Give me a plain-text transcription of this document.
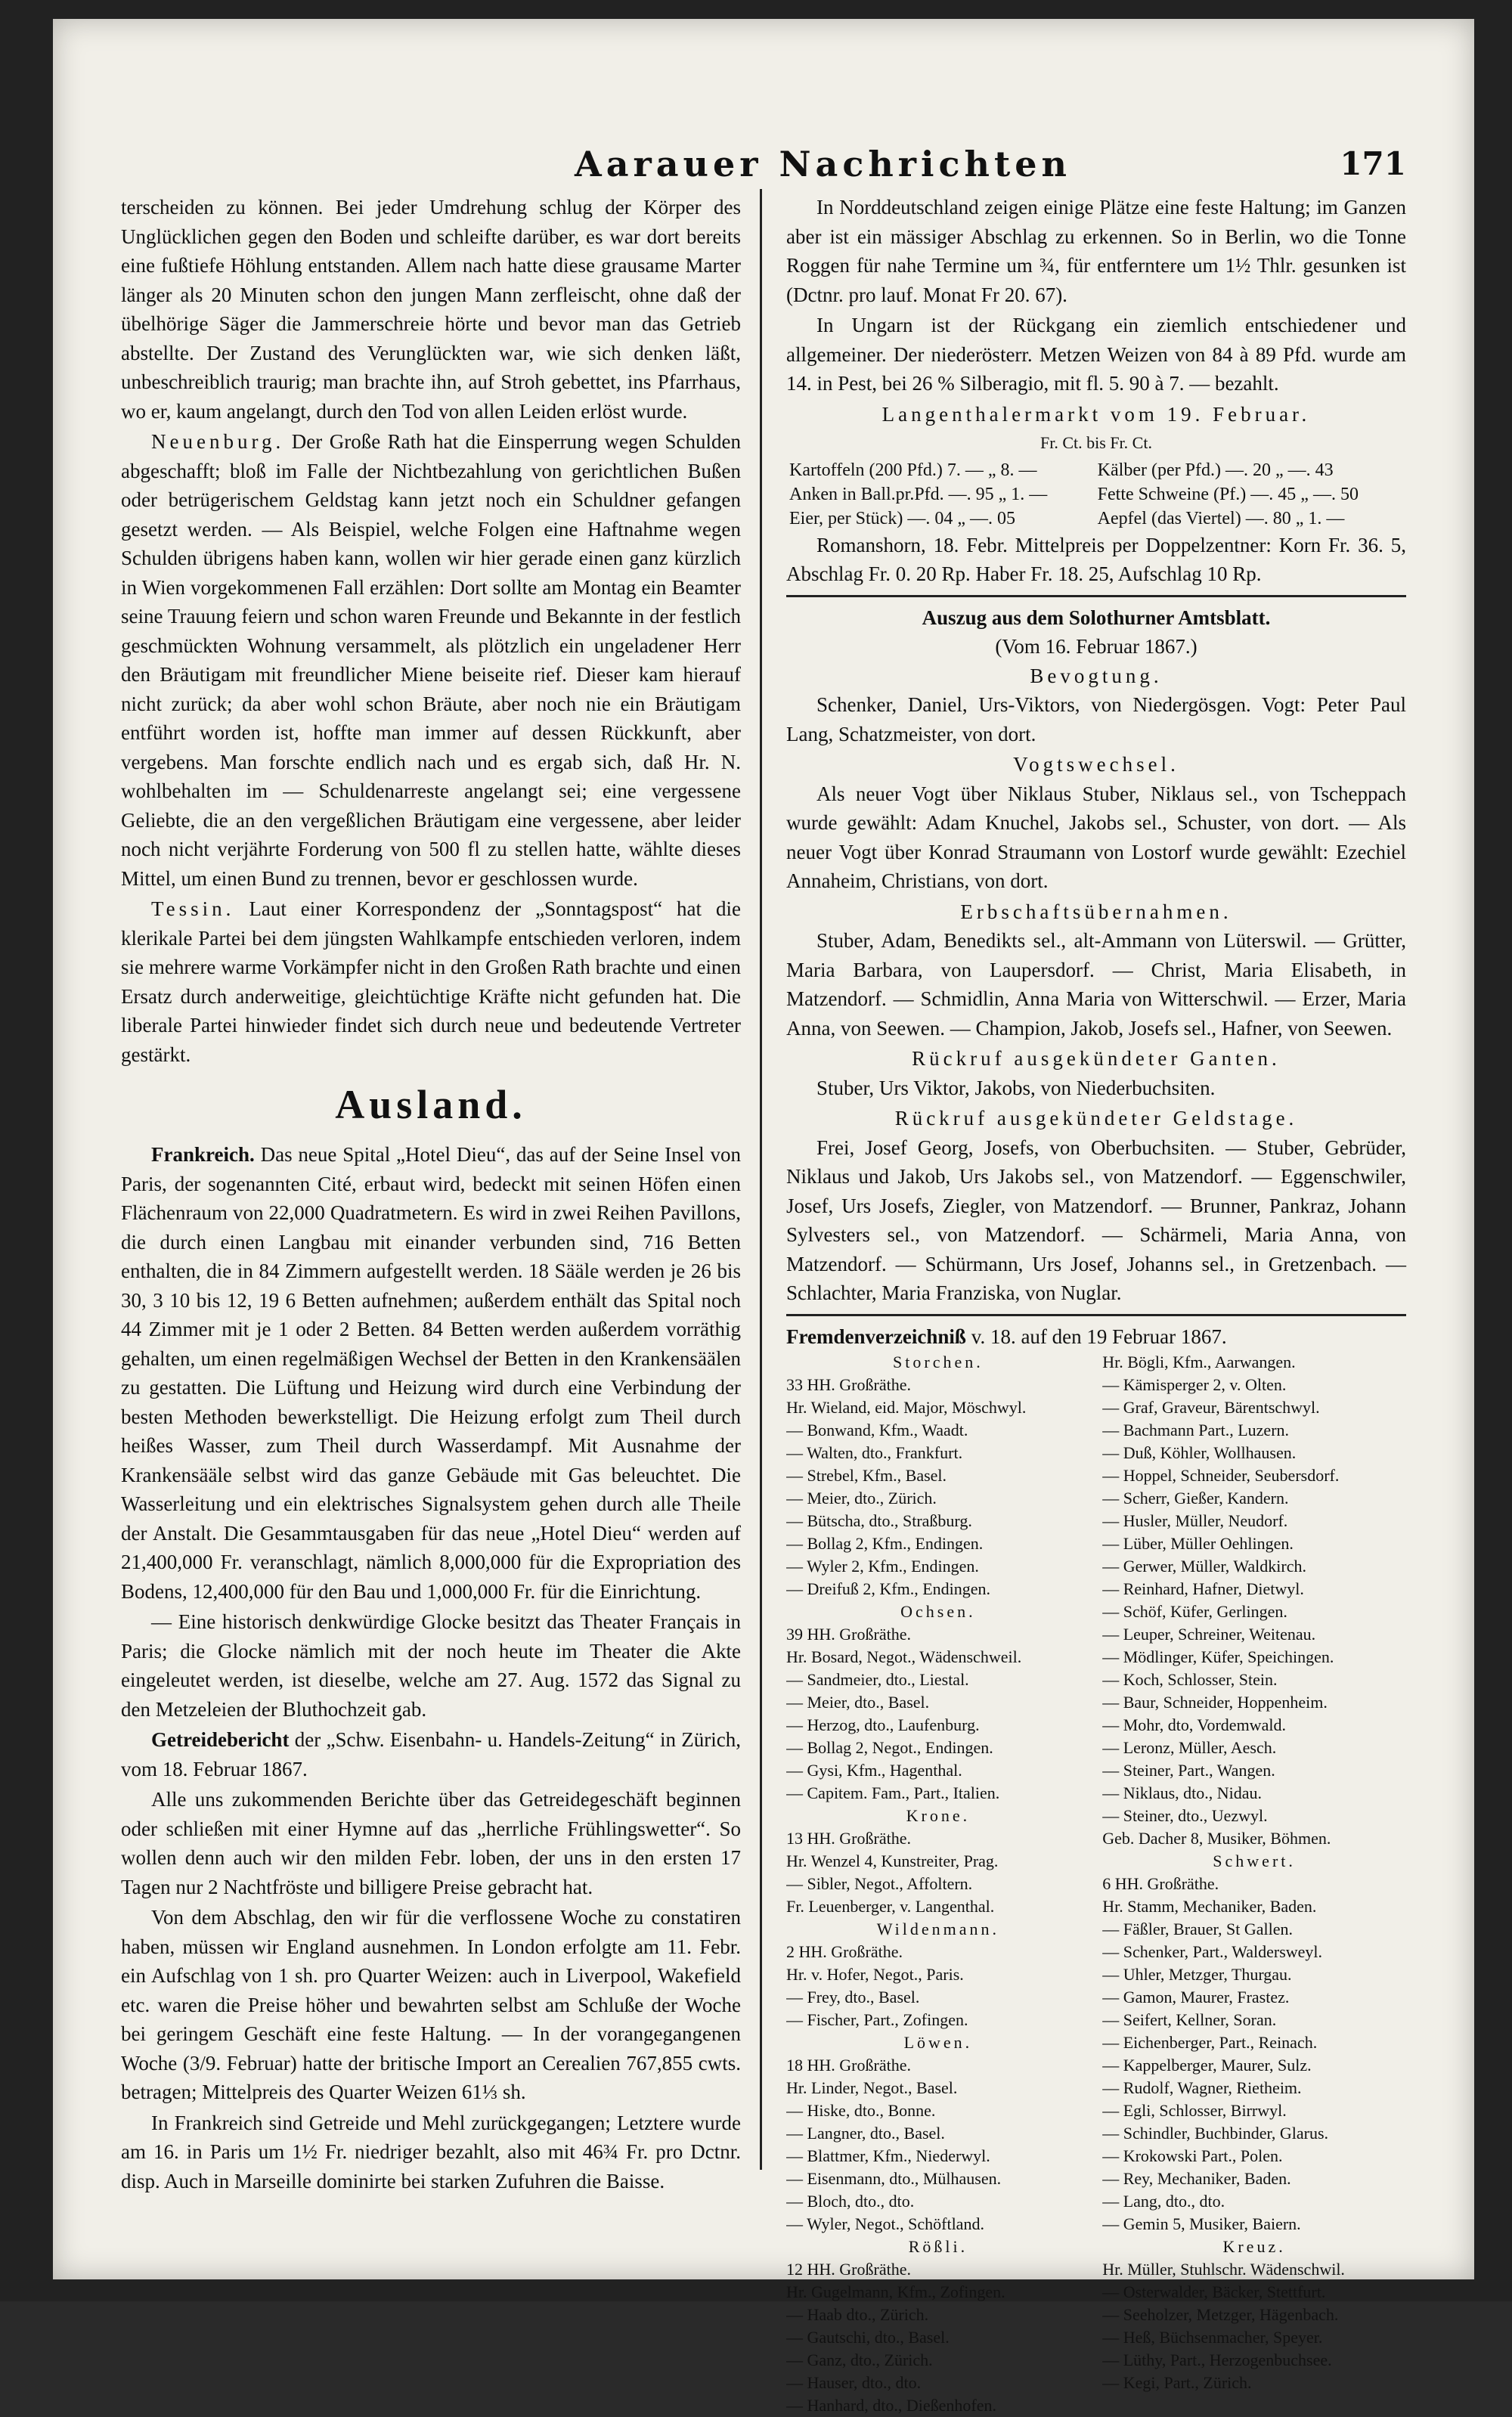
Aarauer Nachrichten	171

terscheiden zu können. Bei jeder Umdrehung schlug der Körper des Unglücklichen gegen den Boden und schleifte darüber, es war dort bereits eine fußtiefe Höhlung entstanden. Allem nach hatte diese grausame Marter länger als 20 Minuten schon den jungen Mann zerfleischt, ohne daß der übelhörige Säger die Jammerschreie hörte und bevor man das Getrieb abstellte. Der Zustand des Verunglückten war, wie sich denken läßt, unbeschreiblich traurig; man brachte ihn, auf Stroh gebettet, ins Pfarrhaus, wo er, kaum angelangt, durch den Tod von allen Leiden erlöst wurde.

Neuenburg. Der Große Rath hat die Einsperrung wegen Schulden abgeschafft; bloß im Falle der Nichtbezahlung von gerichtlichen Bußen oder betrügerischem Geldstag kann jetzt noch ein Schuldner gefangen gesetzt werden. — Als Beispiel, welche Folgen eine Haftnahme wegen Schulden übrigens haben kann, wollen wir hier gerade einen ganz kürzlich in Wien vorgekommenen Fall erzählen: Dort sollte am Montag ein Beamter seine Trauung feiern und schon waren Freunde und Bekannte in der festlich geschmückten Wohnung versammelt, als plötzlich ein ungeladener Herr den Bräutigam mit freundlicher Miene beiseite rief. Dieser kam hierauf nicht zurück; da aber wohl schon Bräute, aber noch nie ein Bräutigam entführt worden ist, hoffte man immer auf dessen Rückkunft, aber vergebens. Man forschte endlich nach und es ergab sich, daß Hr. N. wohlbehalten im — Schuldenarreste angelangt sei; eine vergessene Geliebte, die an den vergeßlichen Bräutigam eine vergessene, aber leider noch nicht verjährte Forderung von 500 fl zu stellen hatte, wählte dieses Mittel, um einen Bund zu trennen, bevor er geschlossen wurde.

Tessin. Laut einer Korrespondenz der „Sonntagspost“ hat die klerikale Partei bei dem jüngsten Wahlkampfe entschieden verloren, indem sie mehrere warme Vorkämpfer nicht in den Großen Rath brachte und einen Ersatz durch anderweitige, gleichtüchtige Kräfte nicht gefunden hat. Die liberale Partei hinwieder findet sich durch neue und bedeutende Vertreter gestärkt.

Ausland.

Frankreich. Das neue Spital „Hotel Dieu“, das auf der Seine Insel von Paris, der sogenannten Cité, erbaut wird, bedeckt mit seinen Höfen einen Flächenraum von 22,000 Quadratmetern. Es wird in zwei Reihen Pavillons, die durch einen Langbau mit einander verbunden sind, 716 Betten enthalten, die in 84 Zimmern aufgestellt werden. 18 Sääle werden je 26 bis 30, 3 10 bis 12, 19 6 Betten aufnehmen; außerdem enthält das Spital noch 44 Zimmer mit je 1 oder 2 Betten. 84 Betten werden außerdem vorräthig gehalten, um einen regelmäßigen Wechsel der Betten in den Krankensäälen zu gestatten. Die Lüftung und Heizung wird durch eine Verbindung der besten Methoden bewerkstelligt. Die Heizung erfolgt zum Theil durch heißes Wasser, zum Theil durch Wasserdampf. Mit Ausnahme der Krankensääle selbst wird das ganze Gebäude mit Gas beleuchtet. Die Wasserleitung und ein elektrisches Signalsystem gehen durch alle Theile der Anstalt. Die Gesammtausgaben für das neue „Hotel Dieu“ werden auf 21,400,000 Fr. veranschlagt, nämlich 8,000,000 für die Expropriation des Bodens, 12,400,000 für den Bau und 1,000,000 Fr. für die Einrichtung.

— Eine historisch denkwürdige Glocke besitzt das Theater Français in Paris; die Glocke nämlich mit der noch heute im Theater die Akte eingeleutet werden, ist dieselbe, welche am 27. Aug. 1572 das Signal zu den Metzeleien der Bluthochzeit gab.

Getreidebericht der „Schw. Eisenbahn- u. Handels-Zeitung“ in Zürich, vom 18. Februar 1867.

Alle uns zukommenden Berichte über das Getreidegeschäft beginnen oder schließen mit einer Hymne auf das „herrliche Frühlingswetter“. So wollen denn auch wir den milden Febr. loben, der uns in den ersten 17 Tagen nur 2 Nachtfröste und billigere Preise gebracht hat.

Von dem Abschlag, den wir für die verflossene Woche zu constatiren haben, müssen wir England ausnehmen. In London erfolgte am 11. Febr. ein Aufschlag von 1 sh. pro Quarter Weizen: auch in Liverpool, Wakefield etc. waren die Preise höher und bewahrten selbst am Schluße der Woche bei geringem Geschäft eine feste Haltung. — In der vorangegangenen Woche (3/9. Februar) hatte der britische Import an Cerealien 767,855 cwts. betragen; Mittelpreis des Quarter Weizen 61⅓ sh.

In Frankreich sind Getreide und Mehl zurückgegangen; Letztere wurde am 16. in Paris um 1½ Fr. niedriger bezahlt, also mit 46¾ Fr. pro Dctnr. disp. Auch in Marseille dominirte bei starken Zufuhren die Baisse.

In Norddeutschland zeigen einige Plätze eine feste Haltung; im Ganzen aber ist ein mässiger Abschlag zu erkennen. So in Berlin, wo die Tonne Roggen für nahe Termine um ¾, für entferntere um 1½ Thlr. gesunken ist (Dctnr. pro lauf. Monat Fr 20. 67).

In Ungarn ist der Rückgang ein ziemlich entschiedener und allgemeiner. Der niederösterr. Metzen Weizen von 84 à 89 Pfd. wurde am 14. in Pest, bei 26 % Silberagio, mit fl. 5. 90 à 7. — bezahlt.

Langenthalermarkt vom 19. Februar.
Fr. Ct. bis Fr. Ct.
Kartoffeln (200 Pfd.) 7. — „ 8. —	Kälber (per Pfd.) —. 20 „ —. 43
Anken in Ball.pr.Pfd. —. 95 „ 1. —	Fette Schweine (Pf.) —. 45 „ —. 50
Eier, per Stück) —. 04 „ —. 05	Aepfel (das Viertel) —. 80 „ 1. —

Romanshorn, 18. Febr. Mittelpreis per Doppelzentner: Korn Fr. 36. 5, Abschlag Fr. 0. 20 Rp. Haber Fr. 18. 25, Aufschlag 10 Rp.

Auszug aus dem Solothurner Amtsblatt.
(Vom 16. Februar 1867.)
Bevogtung.

Schenker, Daniel, Urs-Viktors, von Niedergösgen. Vogt: Peter Paul Lang, Schatzmeister, von dort.

Vogtswechsel.

Als neuer Vogt über Niklaus Stuber, Niklaus sel., von Tscheppach wurde gewählt: Adam Knuchel, Jakobs sel., Schuster, von dort. — Als neuer Vogt über Konrad Straumann von Lostorf wurde gewählt: Ezechiel Annaheim, Christians, von dort.

Erbschaftsübernahmen.

Stuber, Adam, Benedikts sel., alt-Ammann von Lüterswil. — Grütter, Maria Barbara, von Laupersdorf. — Christ, Maria Elisabeth, in Matzendorf. — Schmidlin, Anna Maria von Witterschwil. — Erzer, Maria Anna, von Seewen. — Champion, Jakob, Josefs sel., Hafner, von Seewen.

Rückruf ausgekündeter Ganten.

Stuber, Urs Viktor, Jakobs, von Niederbuchsiten.

Rückruf ausgekündeter Geldstage.

Frei, Josef Georg, Josefs, von Oberbuchsiten. — Stuber, Gebrüder, Niklaus und Jakob, Urs Jakobs sel., von Matzendorf. — Eggenschwiler, Josef, Urs Josefs, Ziegler, von Matzendorf. — Brunner, Pankraz, Johann Sylvesters sel., von Matzendorf. — Schärmeli, Maria Anna, von Matzendorf. — Schürmann, Urs Josef, Johanns sel., in Gretzenbach. — Schlachter, Maria Franziska, von Nuglar.

Fremdenverzeichniß v. 18. auf den 19 Februar 1867.
Storchen.
33 HH. Großräthe.
Hr. Wieland, eid. Major, Möschwyl.
— Bonwand, Kfm., Waadt.
— Walten, dto., Frankfurt.
— Strebel, Kfm., Basel.
— Meier, dto., Zürich.
— Bütscha, dto., Straßburg.
— Bollag 2, Kfm., Endingen.
— Wyler 2, Kfm., Endingen.
— Dreifuß 2, Kfm., Endingen.
Ochsen.
39 HH. Großräthe.
Hr. Bosard, Negot., Wädenschweil.
— Sandmeier, dto., Liestal.
— Meier, dto., Basel.
— Herzog, dto., Laufenburg.
— Bollag 2, Negot., Endingen.
— Gysi, Kfm., Hagenthal.
— Capitem. Fam., Part., Italien.
Krone.
13 HH. Großräthe.
Hr. Wenzel 4, Kunstreiter, Prag.
— Sibler, Negot., Affoltern.
Fr. Leuenberger, v. Langenthal.
Wildenmann.
2 HH. Großräthe.
Hr. v. Hofer, Negot., Paris.
— Frey, dto., Basel.
— Fischer, Part., Zofingen.
Löwen.
18 HH. Großräthe.
Hr. Linder, Negot., Basel.
— Hiske, dto., Bonne.
— Langner, dto., Basel.
— Blattmer, Kfm., Niederwyl.
— Eisenmann, dto., Mülhausen.
— Bloch, dto., dto.
— Wyler, Negot., Schöftland.
Rößli.
12 HH. Großräthe.
Hr. Gugelmann, Kfm., Zofingen.
— Haab dto., Zürich.
— Gautschi, dto., Basel.
— Ganz, dto., Zürich.
— Hauser, dto., dto.
— Hanhard, dto., Dießenhofen.
Hr. Bögli, Kfm., Aarwangen.
— Kämisperger 2, v. Olten.
— Graf, Graveur, Bärentschwyl.
— Bachmann Part., Luzern.
— Duß, Köhler, Wollhausen.
— Hoppel, Schneider, Seubersdorf.
— Scherr, Gießer, Kandern.
— Husler, Müller, Neudorf.
— Lüber, Müller Oehlingen.
— Gerwer, Müller, Waldkirch.
— Reinhard, Hafner, Dietwyl.
— Schöf, Küfer, Gerlingen.
— Leuper, Schreiner, Weitenau.
— Mödlinger, Küfer, Speichingen.
— Koch, Schlosser, Stein.
— Baur, Schneider, Hoppenheim.
— Mohr, dto, Vordemwald.
— Leronz, Müller, Aesch.
— Steiner, Part., Wangen.
— Niklaus, dto., Nidau.
— Steiner, dto., Uezwyl.
Geb. Dacher 8, Musiker, Böhmen.
Schwert.
6 HH. Großräthe.
Hr. Stamm, Mechaniker, Baden.
— Fäßler, Brauer, St Gallen.
— Schenker, Part., Waldersweyl.
— Uhler, Metzger, Thurgau.
— Gamon, Maurer, Frastez.
— Seifert, Kellner, Soran.
— Eichenberger, Part., Reinach.
— Kappelberger, Maurer, Sulz.
— Rudolf, Wagner, Rietheim.
— Egli, Schlosser, Birrwyl.
— Schindler, Buchbinder, Glarus.
— Krokowski Part., Polen.
— Rey, Mechaniker, Baden.
— Lang, dto., dto.
— Gemin 5, Musiker, Baiern.
Kreuz.
Hr. Müller, Stuhlschr. Wädenschwil.
— Osterwalder, Bäcker, Stettfurt.
— Seeholzer, Metzger, Hägenbach.
— Heß, Büchsenmacher, Speyer.
— Lüthy, Part., Herzogenbuchsee.
— Kegi, Part., Zürich.
